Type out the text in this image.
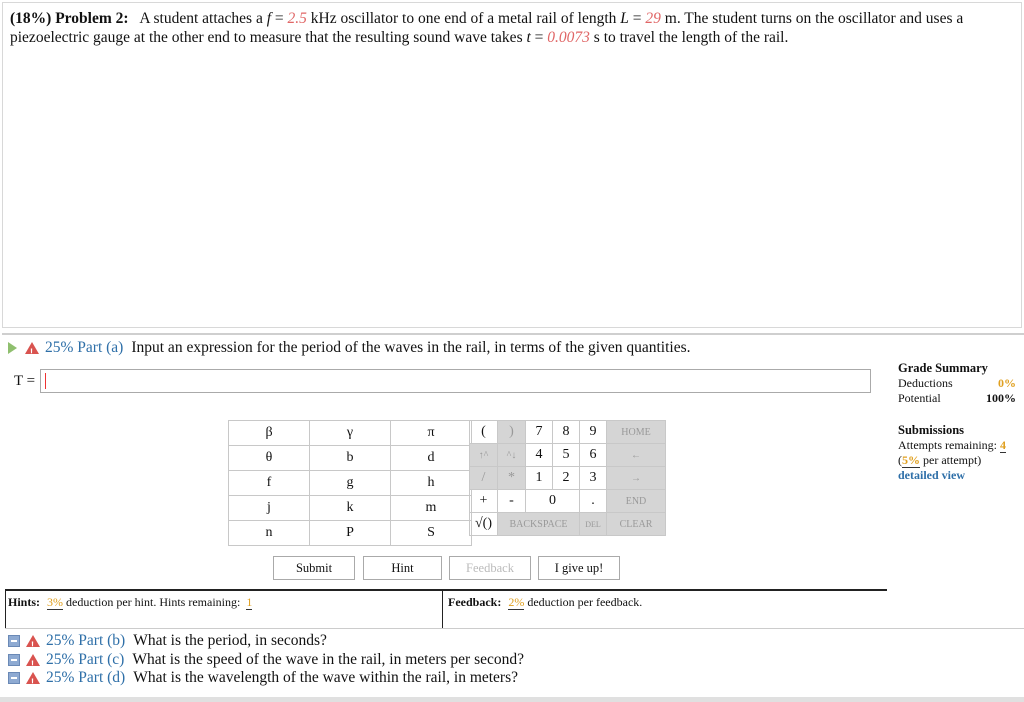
(18%) Problem 2: A student attaches a f = 2.5 kHz oscillator to one end of a metal rail of length L = 29 m. The student turns on the oscillator and uses a piezoelectric gauge at the other end to measure that the resulting sound wave takes t = 0.0073 s to travel the length of the rail.
!
25% Part (a) Input an expression for the period of the waves in the rail, in terms of the given quantities.
T =
Grade Summary
Deductions	0%
Potential	100%
Submissions
Attempts remaining: 4
(5% per attempt)
detailed view
β	γ	π
θ	b	d
f	g	h
j	k	m
n	P	S
(	)	7	8	9	HOME
↑^	^↓	4	5	6	←
/	*	1	2	3	→
+	-	0		.	END
√()	BACKSPACE			DEL	CLEAR
Submit	Hint	Feedback	I give up!
Hints: 3% deduction per hint. Hints remaining: 1	Feedback: 2% deduction per feedback.
!
25% Part (b) What is the period, in seconds?
!
25% Part (c) What is the speed of the wave in the rail, in meters per second?
!
25% Part (d) What is the wavelength of the wave within the rail, in meters?
